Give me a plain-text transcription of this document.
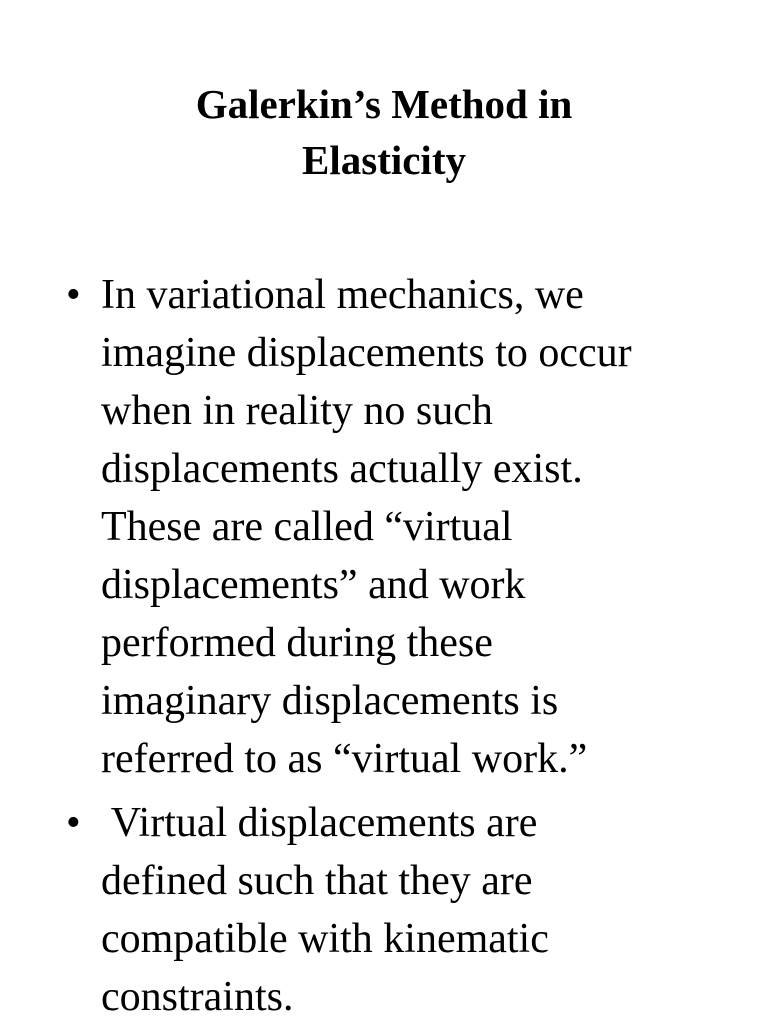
Galerkin’s Method in
Elasticity
• In variational mechanics, we
imagine displacements to occur
when in reality no such
displacements actually exist.
These are called “virtual
displacements” and work
performed during these
imaginary displacements is
referred to as “virtual work.”
• Virtual displacements are
defined such that they are
compatible with kinematic
constraints.
